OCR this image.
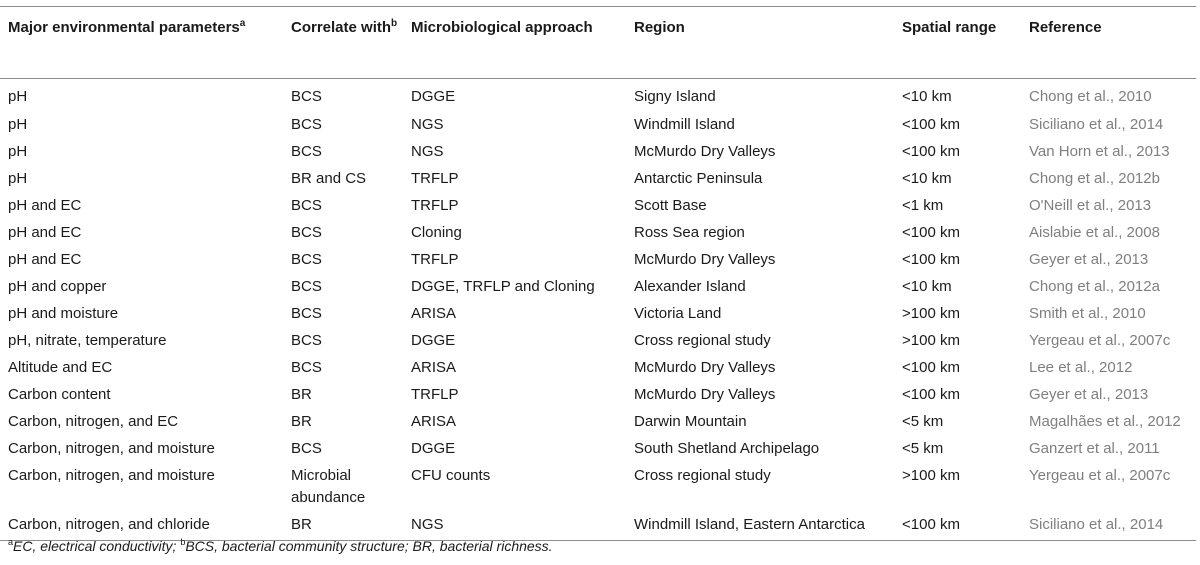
Major environmental parameters$^a$	Correlate with$^b$	Microbiological approach	Region	Spatial range	Reference
pH	BCS	DGGE	Signy Island	<10 km	Chong et al., 2010
pH	BCS	NGS	Windmill Island	<100 km	Siciliano et al., 2014
pH	BCS	NGS	McMurdo Dry Valleys	<100 km	Van Horn et al., 2013
pH	BR and CS	TRFLP	Antarctic Peninsula	<10 km	Chong et al., 2012b
pH and EC	BCS	TRFLP	Scott Base	<1 km	O'Neill et al., 2013
pH and EC	BCS	Cloning	Ross Sea region	<100 km	Aislabie et al., 2008
pH and EC	BCS	TRFLP	McMurdo Dry Valleys	<100 km	Geyer et al., 2013
pH and copper	BCS	DGGE, TRFLP and Cloning	Alexander Island	<10 km	Chong et al., 2012a
pH and moisture	BCS	ARISA	Victoria Land	>100 km	Smith et al., 2010
pH, nitrate, temperature	BCS	DGGE	Cross regional study	>100 km	Yergeau et al., 2007c
Altitude and EC	BCS	ARISA	McMurdo Dry Valleys	<100 km	Lee et al., 2012
Carbon content	BR	TRFLP	McMurdo Dry Valleys	<100 km	Geyer et al., 2013
Carbon, nitrogen, and EC	BR	ARISA	Darwin Mountain	<5 km	Magalhães et al., 2012
Carbon, nitrogen, and moisture	BCS	DGGE	South Shetland Archipelago	<5 km	Ganzert et al., 2011
Carbon, nitrogen, and moisture	Microbial abundance	CFU counts	Cross regional study	>100 km	Yergeau et al., 2007c
Carbon, nitrogen, and chloride	BR	NGS	Windmill Island, Eastern Antarctica	<100 km	Siciliano et al., 2014
$^a$EC, electrical conductivity; $^b$BCS, bacterial community structure; BR, bacterial richness.
